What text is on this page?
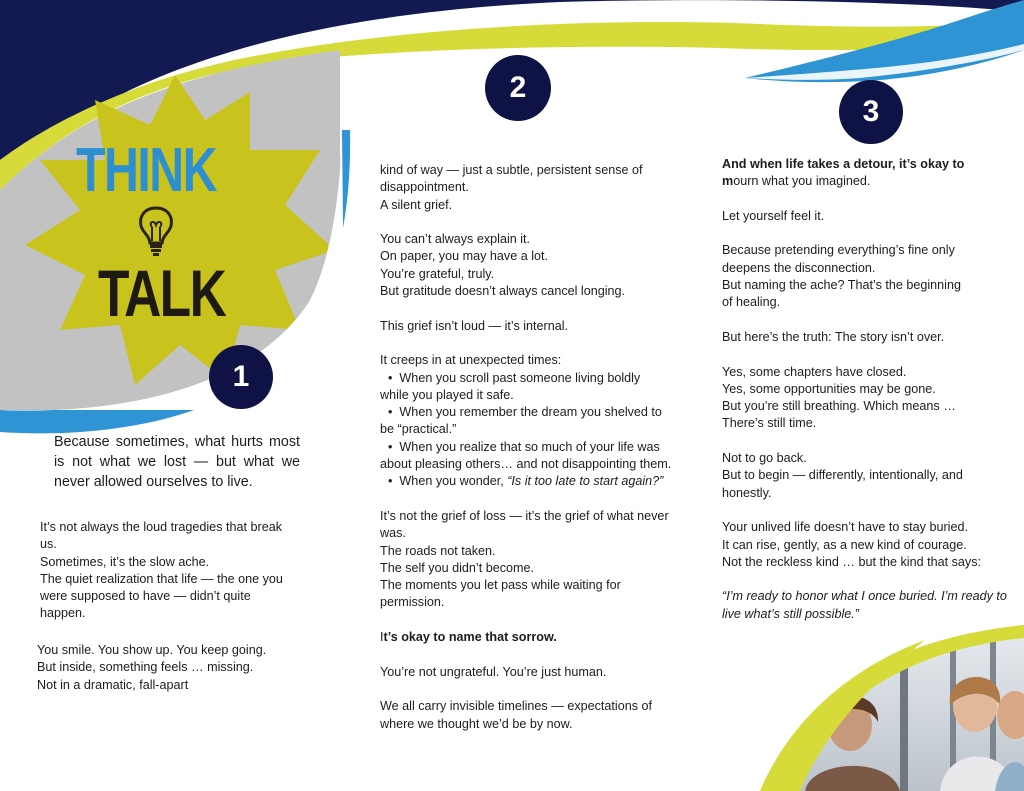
THINK
TALK
1
2
3
Because sometimes, what hurts most is not what we lost — but what we never allowed ourselves to live.
It’s not always the loud tragedies that break
us.
Sometimes, it’s the slow ache.
The quiet realization that life — the one you
were supposed to have — didn’t quite
happen.
You smile. You show up. You keep going.
But inside, something feels … missing.
Not in a dramatic, fall-apart

kind of way — just a subtle, persistent sense of
disappointment.
A silent grief.

You can’t always explain it.
On paper, you may have a lot.
You’re grateful, truly.
But gratitude doesn’t always cancel longing.

This grief isn’t loud — it’s internal.

It creeps in at unexpected times:
•  When you scroll past someone living boldly
while you played it safe.
•  When you remember the dream you shelved to
be “practical.”
•  When you realize that so much of your life was
about pleasing others… and not disappointing them.
•  When you wonder, “Is it too late to start again?”

It’s not the grief of loss — it’s the grief of what never
was.
The roads not taken.
The self you didn’t become.
The moments you let pass while waiting for
permission.

It’s okay to name that sorrow.

You’re not ungrateful. You’re just human.

We all carry invisible timelines — expectations of
where we thought we’d be by now.

And when life takes a detour, it’s okay to
mourn what you imagined.

Let yourself feel it.

Because pretending everything’s fine only
deepens the disconnection.
But naming the ache? That’s the beginning
of healing.

But here’s the truth: The story isn’t over.

Yes, some chapters have closed.
Yes, some opportunities may be gone.
But you’re still breathing. Which means …
There’s still time.

Not to go back.
But to begin — differently, intentionally, and
honestly.

Your unlived life doesn’t have to stay buried.
It can rise, gently, as a new kind of courage.
Not the reckless kind … but the kind that says:

“I’m ready to honor what I once buried. I’m ready to
live what’s still possible.”
